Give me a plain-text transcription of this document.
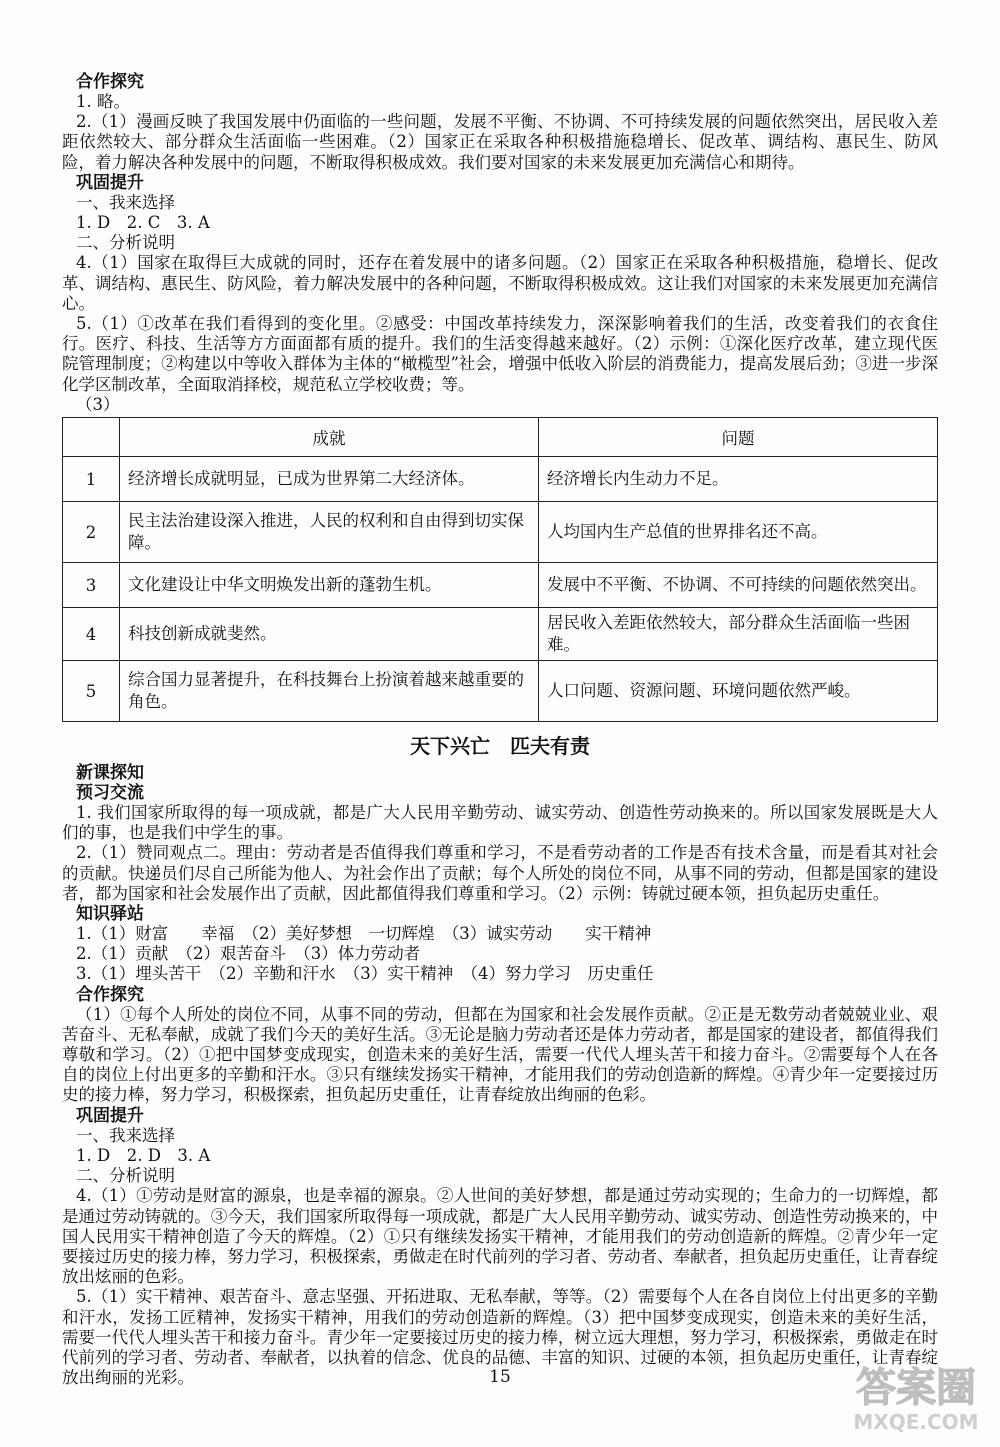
合作探究
1. 略。

2.（1）漫画反映了我国发展中仍面临的一些问题，发展不平衡、不协调、不可持续发展的问题依然突出，居民收入差距依然较大、部分群众生活面临一些困难。（2）国家正在采取各种积极措施稳增长、促改革、调结构、惠民生、防风险，着力解决各种发展中的问题，不断取得积极成效。我们要对国家的未来发展更加充满信心和期待。

巩固提升
一、我来选择
1. D　2. C　3. A
二、分析说明

4.（1）国家在取得巨大成就的同时，还存在着发展中的诸多问题。（2）国家正在采取各种积极措施，稳增长、促改革、调结构、惠民生、防风险，着力解决发展中的各种问题，不断取得积极成效。这让我们对国家的未来发展更加充满信心。

5.（1）①改革在我们看得到的变化里。②感受：中国改革持续发力，深深影响着我们的生活，改变着我们的衣食住行。医疗、科技、生活等方方面面都有质的提升。我们的生活变得越来越好。（2）示例：①深化医疗改革，建立现代医院管理制度；②构建以中等收入群体为主体的“橄榄型”社会，增强中低收入阶层的消费能力，提高发展后劲；③进一步深化学区制改革，全面取消择校，规范私立学校收费；等。

（3）
	成就	问题
1	经济增长成就明显，已成为世界第二大经济体。	经济增长内生动力不足。
2	民主法治建设深入推进，人民的权利和自由得到切实保障。	人均国内生产总值的世界排名还不高。
3	文化建设让中华文明焕发出新的蓬勃生机。	发展中不平衡、不协调、不可持续的问题依然突出。
4	科技创新成就斐然。	居民收入差距依然较大，部分群众生活面临一些困难。
5	综合国力显著提升，在科技舞台上扮演着越来越重要的角色。	人口问题、资源问题、环境问题依然严峻。
天下兴亡 匹夫有责
新课探知
预习交流

1. 我们国家所取得的每一项成就，都是广大人民用辛勤劳动、诚实劳动、创造性劳动换来的。所以国家发展既是大人们的事，也是我们中学生的事。

2.（1）赞同观点二。理由：劳动者是否值得我们尊重和学习，不是看劳动者的工作是否有技术含量，而是看其对社会的贡献。快递员们尽自己所能为他人、为社会作出了贡献；每个人所处的岗位不同，从事不同的劳动，但都是国家的建设者，都为国家和社会发展作出了贡献，因此都值得我们尊重和学习。（2）示例：铸就过硬本领，担负起历史重任。

知识驿站
1.（1）财富　　幸福　（2）美好梦想　一切辉煌　（3）诚实劳动　　实干精神
2.（1）贡献　（2）艰苦奋斗　（3）体力劳动者
3.（1）埋头苦干　（2）辛勤和汗水　（3）实干精神　（4）努力学习　历史重任
合作探究

（1）①每个人所处的岗位不同，从事不同的劳动，但都在为国家和社会发展作贡献。②正是无数劳动者兢兢业业、艰苦奋斗、无私奉献，成就了我们今天的美好生活。③无论是脑力劳动者还是体力劳动者，都是国家的建设者，都值得我们尊敬和学习。（2）①把中国梦变成现实，创造未来的美好生活，需要一代代人埋头苦干和接力奋斗。②需要每个人在各自的岗位上付出更多的辛勤和汗水。③只有继续发扬实干精神，才能用我们的劳动创造新的辉煌。④青少年一定要接过历史的接力棒，努力学习，积极探索，担负起历史重任，让青春绽放出绚丽的色彩。

巩固提升
一、我来选择
1. D　2. D　3. A
二、分析说明

4.（1）①劳动是财富的源泉，也是幸福的源泉。②人世间的美好梦想，都是通过劳动实现的；生命力的一切辉煌，都是通过劳动铸就的。③今天，我们国家所取得每一项成就，都是广大人民用辛勤劳动、诚实劳动、创造性劳动换来的，中国人民用实干精神创造了今天的辉煌。（2）①只有继续发扬实干精神，才能用我们的劳动创造新的辉煌。②青少年一定要接过历史的接力棒，努力学习，积极探索，勇做走在时代前列的学习者、劳动者、奉献者，担负起历史重任，让青春绽放出炫丽的色彩。

5.（1）实干精神、艰苦奋斗、意志坚强、开拓进取、无私奉献，等等。（2）需要每个人在各自岗位上付出更多的辛勤和汗水，发扬工匠精神，发扬实干精神，用我们的劳动创造新的辉煌。（3）把中国梦变成现实，创造未来的美好生活，需要一代代人埋头苦干和接力奋斗。青少年一定要接过历史的接力棒，树立远大理想，努力学习，积极探索，勇做走在时代前列的学习者、劳动者、奉献者，以执着的信念、优良的品德、丰富的知识、过硬的本领，担负起历史重任，让青春绽放出绚丽的光彩。	15	答案圈
MXQE.COM
